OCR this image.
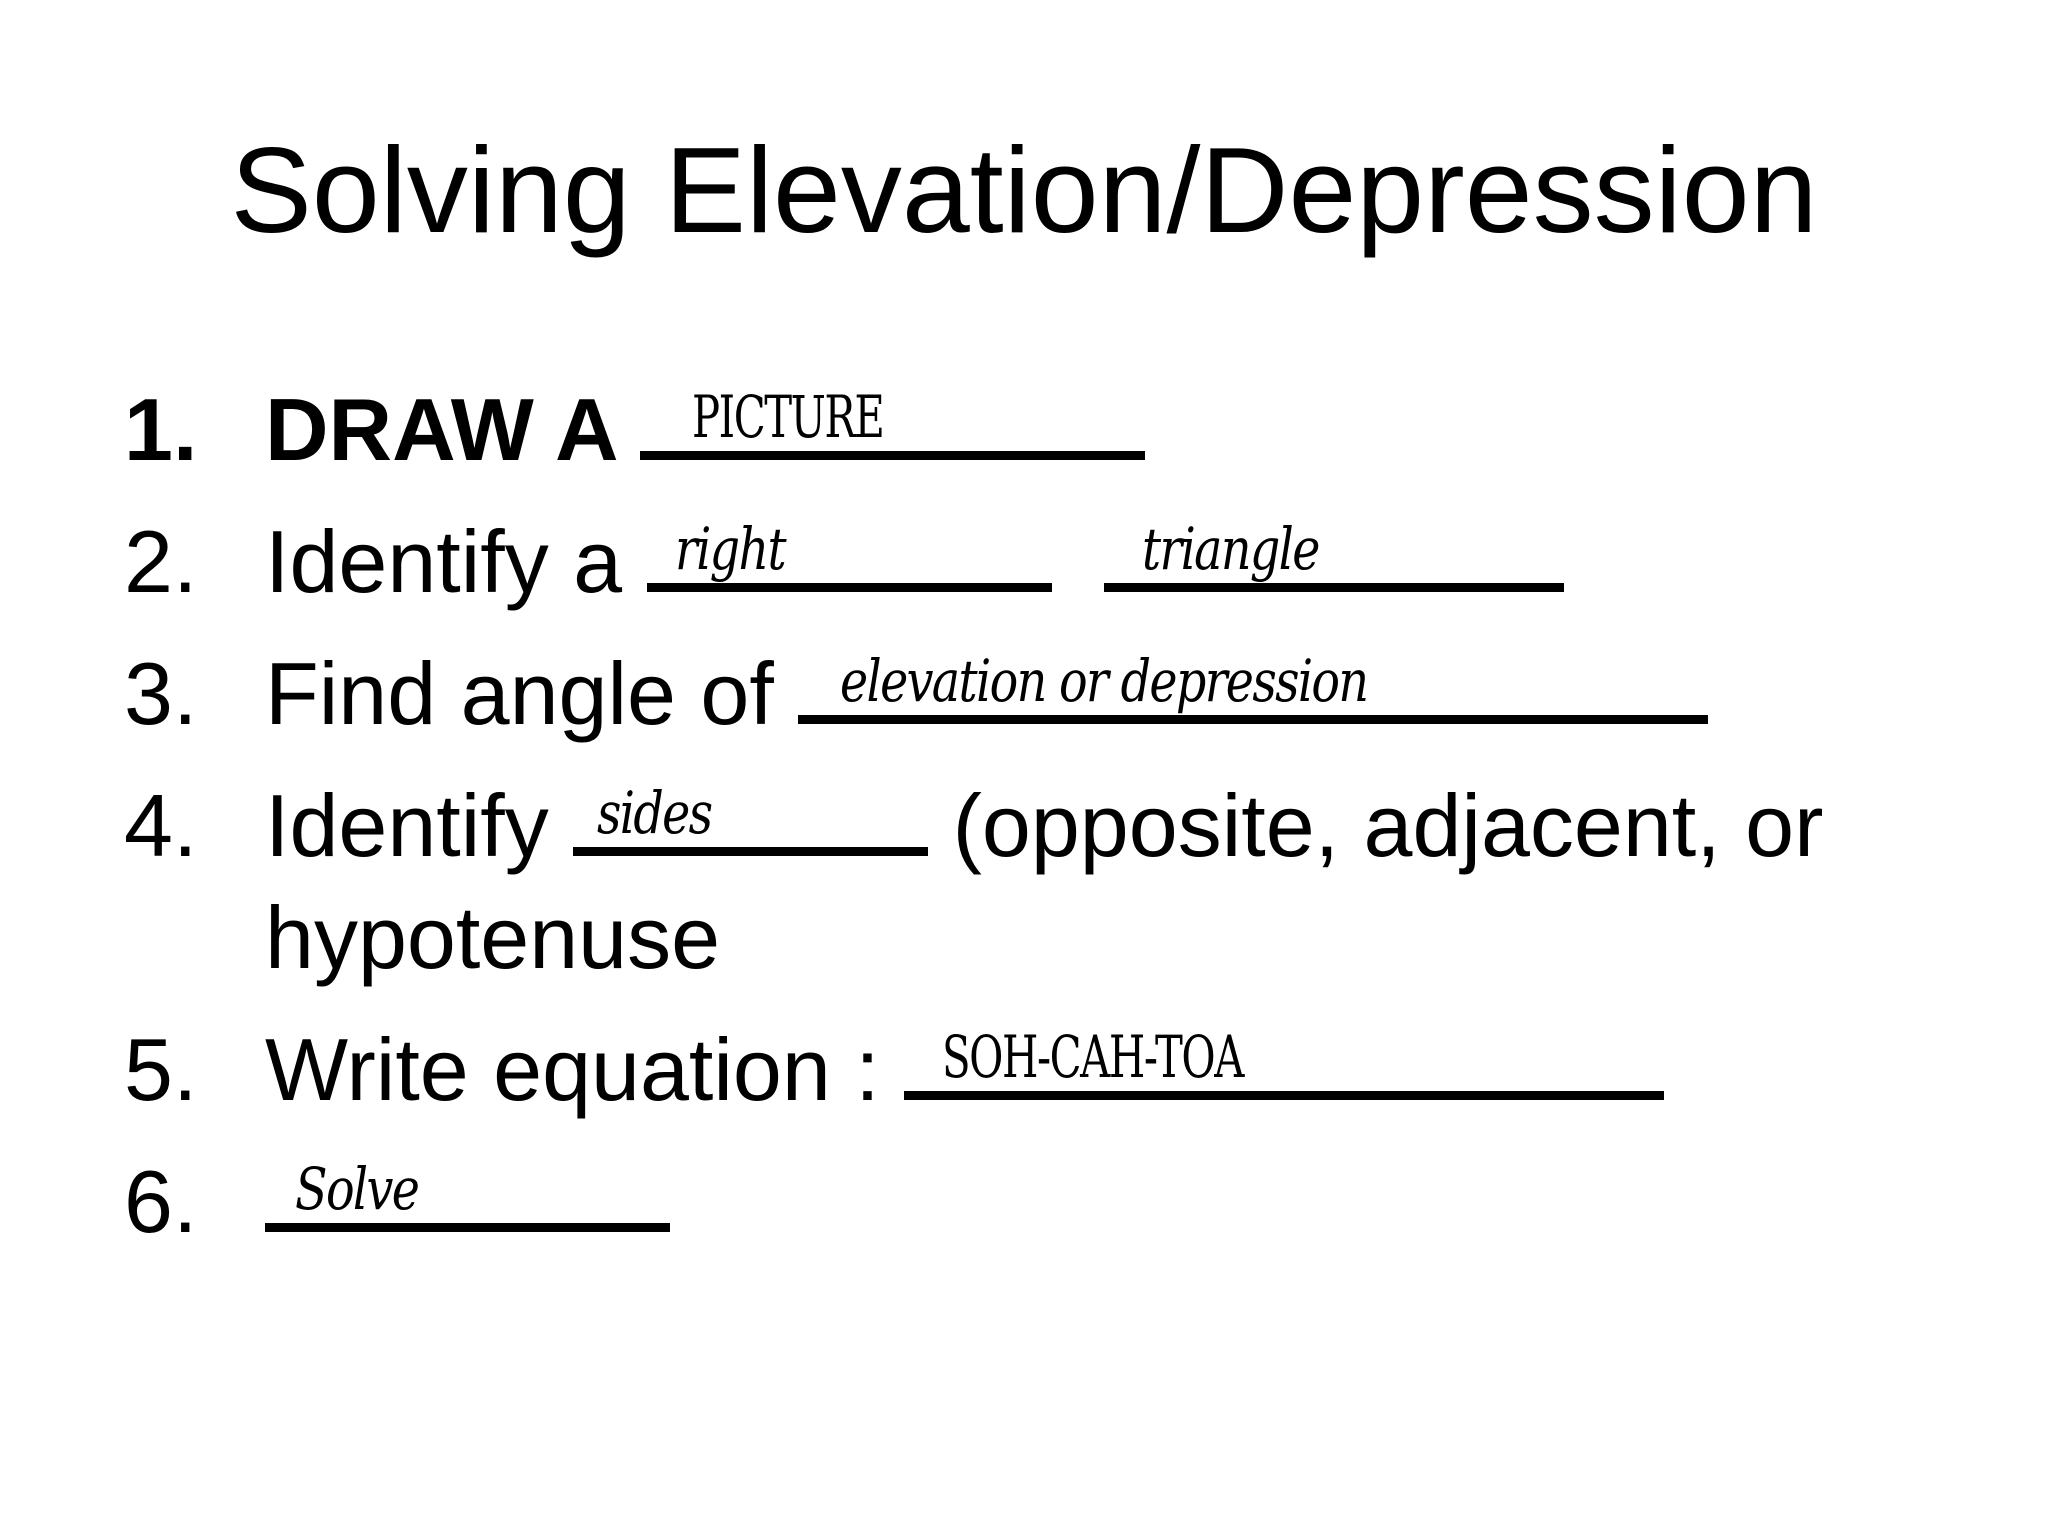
Solving Elevation/Depression
1. DRAW A PICTURE
2. Identify a right	triangle
3. Find angle of elevation or depression
4. Identify sides (opposite, adjacent, or
hypotenuse
5. Write equation : SOH-CAH-TOA
6. Solve
